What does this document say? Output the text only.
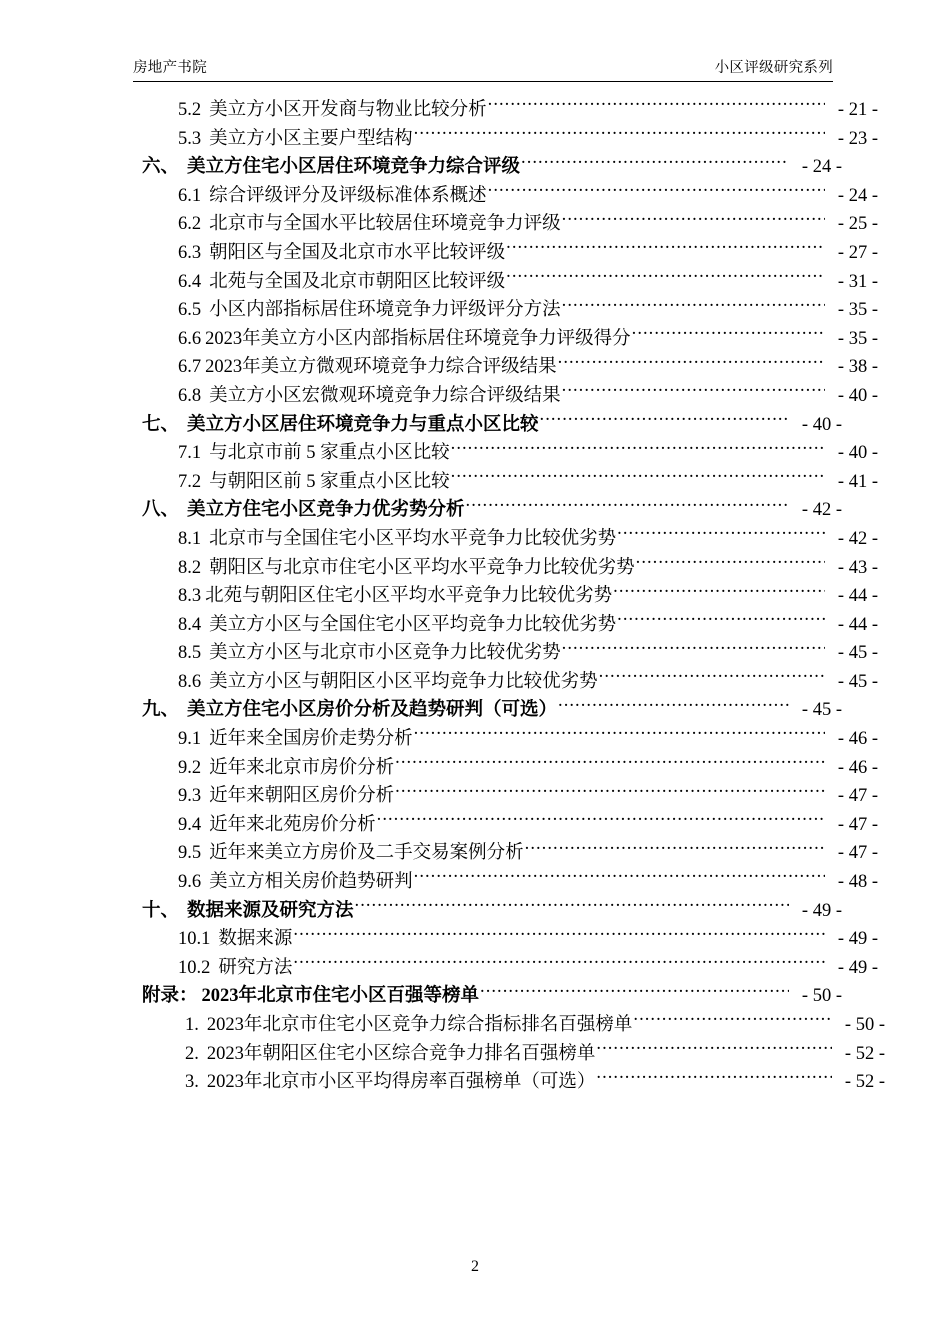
房地产书院	小区评级研究系列
5.2 美立方小区开发商与物业比较分析 .....	- 21 -
5.3 美立方小区主要户型结构 .....	- 23 -
六、 美立方住宅小区居住环境竞争力综合评级 .....	- 24 -
6.1 综合评级评分及评级标准体系概述 .....	- 24 -
6.2 北京市与全国水平比较居住环境竞争力评级 .....	- 25 -
6.3 朝阳区与全国及北京市水平比较评级 .....	- 27 -
6.4 北苑与全国及北京市朝阳区比较评级 .....	- 31 -
6.5 小区内部指标居住环境竞争力评级评分方法 .....	- 35 -
6.6 2023年美立方小区内部指标居住环境竞争力评级得分 .....	- 35 -
6.7 2023年美立方微观环境竞争力综合评级结果 .....	- 38 -
6.8 美立方小区宏微观环境竞争力综合评级结果 .....	- 40 -
七、 美立方小区居住环境竞争力与重点小区比较 .....	- 40 -
7.1 与北京市前 5 家重点小区比较 .....	- 40 -
7.2 与朝阳区前 5 家重点小区比较 .....	- 41 -
八、 美立方住宅小区竞争力优劣势分析 .....	- 42 -
8.1 北京市与全国住宅小区平均水平竞争力比较优劣势 .....	- 42 -
8.2 朝阳区与北京市住宅小区平均水平竞争力比较优劣势 .....	- 43 -
8.3 北苑与朝阳区住宅小区平均水平竞争力比较优劣势 .....	- 44 -
8.4 美立方小区与全国住宅小区平均竞争力比较优劣势 .....	- 44 -
8.5 美立方小区与北京市小区竞争力比较优劣势 .....	- 45 -
8.6 美立方小区与朝阳区小区平均竞争力比较优劣势 .....	- 45 -
九、 美立方住宅小区房价分析及趋势研判（可选） .....	- 45 -
9.1 近年来全国房价走势分析 .....	- 46 -
9.2 近年来北京市房价分析 .....	- 46 -
9.3 近年来朝阳区房价分析 .....	- 47 -
9.4 近年来北苑房价分析 .....	- 47 -
9.5 近年来美立方房价及二手交易案例分析 .....	- 47 -
9.6 美立方相关房价趋势研判 .....	- 48 -
十、 数据来源及研究方法 .....	- 49 -
10.1 数据来源 .....	- 49 -
10.2 研究方法 .....	- 49 -
附录： 2023年北京市住宅小区百强等榜单 .....	- 50 -
1. 2023年北京市住宅小区竞争力综合指标排名百强榜单 .....	- 50 -
2. 2023年朝阳区住宅小区综合竞争力排名百强榜单 .....	- 52 -
3. 2023年北京市小区平均得房率百强榜单（可选） .....	- 52 -
2
